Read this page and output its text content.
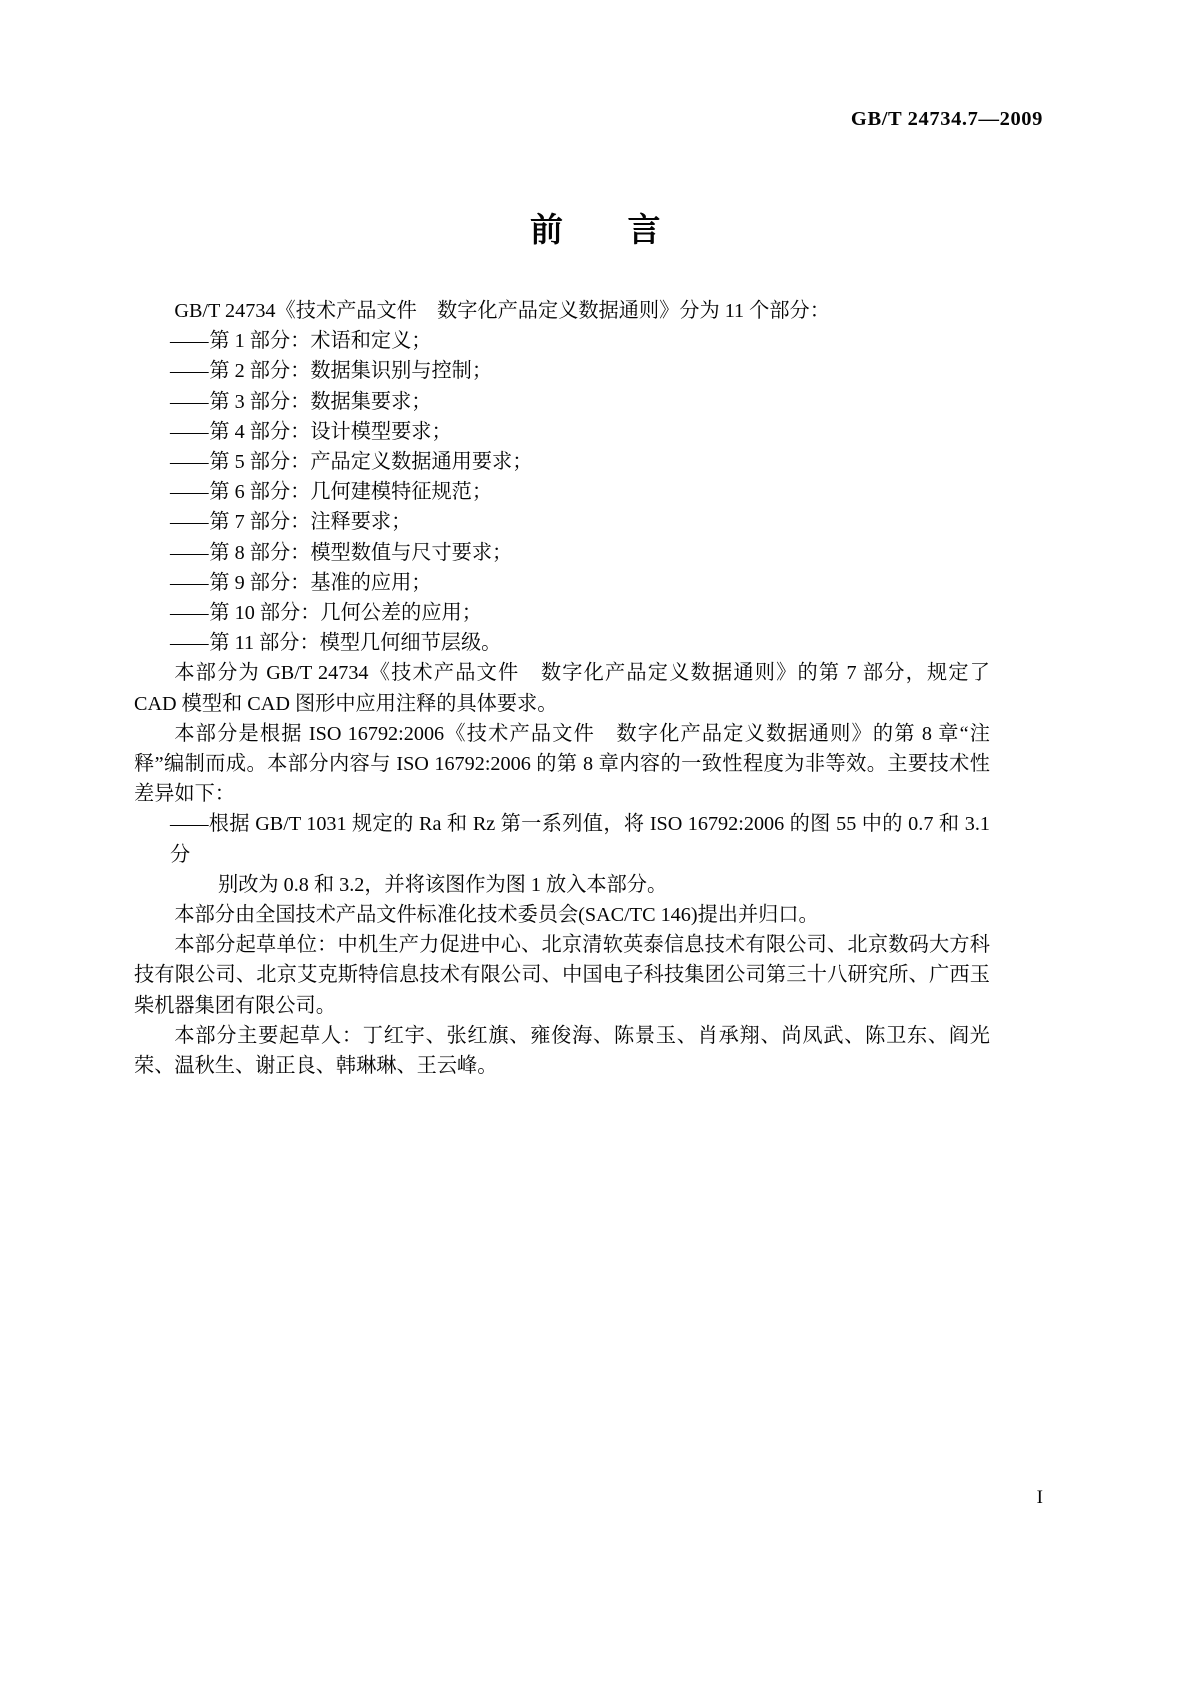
GB/T 24734.7—2009
前 言

GB/T 24734《技术产品文件　数字化产品定义数据通则》分为 11 个部分：

—— 第 1 部分：术语和定义；
—— 第 2 部分：数据集识别与控制；
—— 第 3 部分：数据集要求；
—— 第 4 部分：设计模型要求；
—— 第 5 部分：产品定义数据通用要求；
—— 第 6 部分：几何建模特征规范；
—— 第 7 部分：注释要求；
—— 第 8 部分：模型数值与尺寸要求；
—— 第 9 部分：基准的应用；
—— 第 10 部分：几何公差的应用；
—— 第 11 部分：模型几何细节层级。

本部分为 GB/T 24734《技术产品文件　数字化产品定义数据通则》的第 7 部分，规定了 CAD 模型和 CAD 图形中应用注释的具体要求。

本部分是根据 ISO 16792:2006《技术产品文件　数字化产品定义数据通则》的第 8 章“注释”编制而成。本部分内容与 ISO 16792:2006 的第 8 章内容的一致性程度为非等效。主要技术性差异如下：

——根据 GB/T 1031 规定的 Ra 和 Rz 第一系列值，将 ISO 16792:2006 的图 55 中的 0.7 和 3.1 分
别改为 0.8 和 3.2，并将该图作为图 1 放入本部分。

本部分由全国技术产品文件标准化技术委员会(SAC/TC 146)提出并归口。

本部分起草单位：中机生产力促进中心、北京清软英泰信息技术有限公司、北京数码大方科技有限公司、北京艾克斯特信息技术有限公司、中国电子科技集团公司第三十八研究所、广西玉柴机器集团有限公司。

本部分主要起草人：丁红宇、张红旗、雍俊海、陈景玉、肖承翔、尚凤武、陈卫东、阎光荣、温秋生、谢正良、韩琳琳、王云峰。

I
